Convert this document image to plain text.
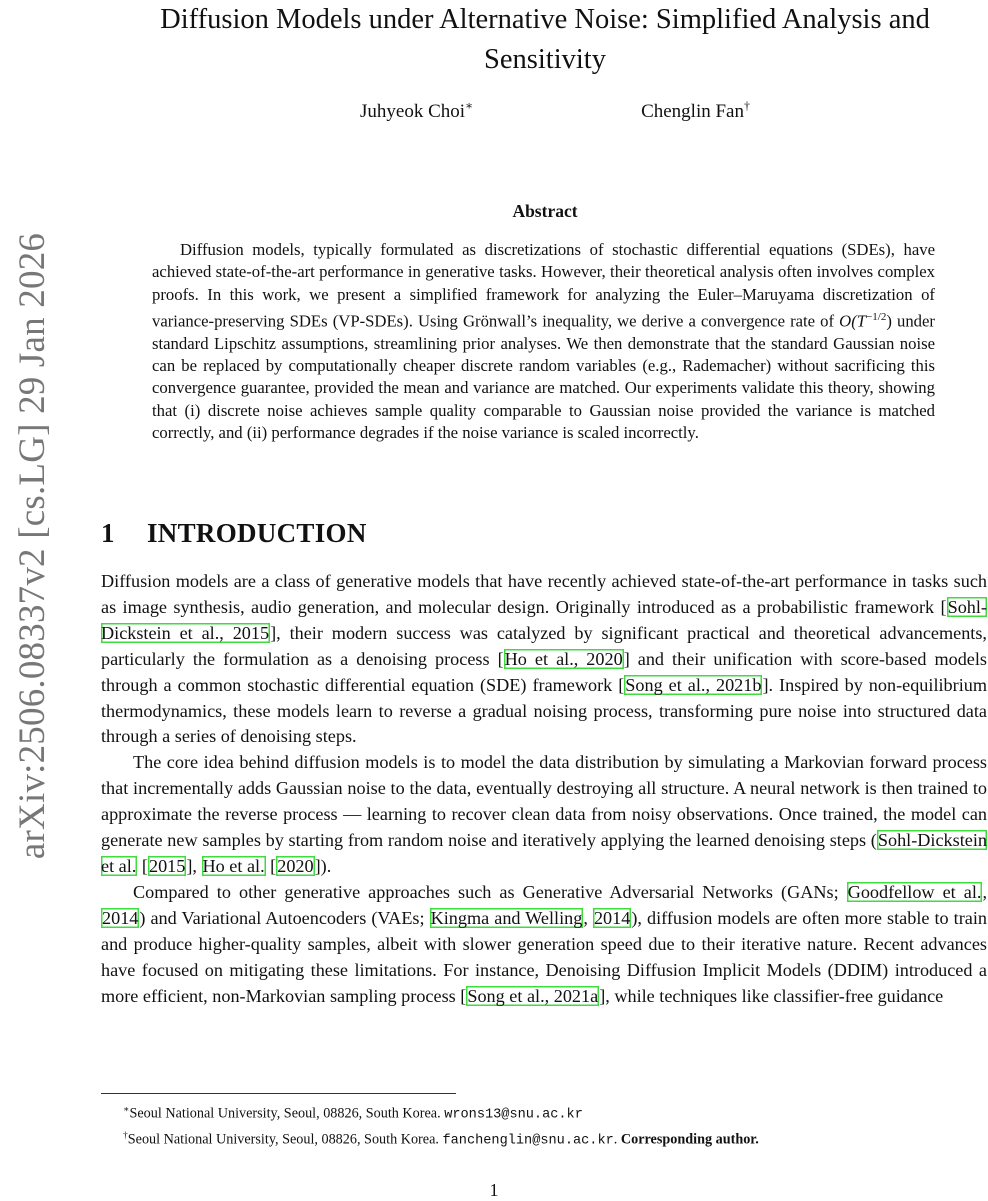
arXiv:2506.08337v2 [cs.LG] 29 Jan 2026
Diffusion Models under Alternative Noise: Simplified Analysis and Sensitivity
Juhyeok Choi∗	Chenglin Fan†
Abstract

Diffusion models, typically formulated as discretizations of stochastic differential equations (SDEs), have achieved state-of-the-art performance in generative tasks. However, their theoretical analysis often involves complex proofs. In this work, we present a simplified framework for analyzing the Euler–Maruyama discretization of variance-preserving SDEs (VP-SDEs). Using Grönwall’s inequality, we derive a convergence rate of $O(T^{-1/2})$ under standard Lipschitz assumptions, streamlining prior analyses. We then demonstrate that the standard Gaussian noise can be replaced by computationally cheaper discrete random variables (e.g., Rademacher) without sacrificing this convergence guarantee, provided the mean and variance are matched. Our experiments validate this theory, showing that (i) discrete noise achieves sample quality comparable to Gaussian noise provided the variance is matched correctly, and (ii) performance degrades if the noise variance is scaled incorrectly.

1 INTRODUCTION

Diffusion models are a class of generative models that have recently achieved state-of-the-art performance in tasks such as image synthesis, audio generation, and molecular design. Originally introduced as a probabilistic framework [Sohl-Dickstein et al., 2015], their modern success was catalyzed by significant practical and theoretical advancements, particularly the formulation as a denoising process [Ho et al., 2020] and their unification with score-based models through a common stochastic differential equation (SDE) framework [Song et al., 2021b]. Inspired by non-equilibrium thermodynamics, these models learn to reverse a gradual noising process, transforming pure noise into structured data through a series of denoising steps.

The core idea behind diffusion models is to model the data distribution by simulating a Markovian forward process that incrementally adds Gaussian noise to the data, eventually destroying all structure. A neural network is then trained to approximate the reverse process — learning to recover clean data from noisy observations. Once trained, the model can generate new samples by starting from random noise and iteratively applying the learned denoising steps (Sohl-Dickstein et al. [2015], Ho et al. [2020]).

Compared to other generative approaches such as Generative Adversarial Networks (GANs; Goodfellow et al., 2014) and Variational Autoencoders (VAEs; Kingma and Welling, 2014), diffusion models are often more stable to train and produce higher-quality samples, albeit with slower generation speed due to their iterative nature. Recent advances have focused on mitigating these limitations. For instance, Denoising Diffusion Implicit Models (DDIM) introduced a more efficient, non-Markovian sampling process [Song et al., 2021a], while techniques like classifier-free guidance

∗Seoul National University, Seoul, 08826, South Korea. wrons13@snu.ac.kr

†Seoul National University, Seoul, 08826, South Korea. fanchenglin@snu.ac.kr. Corresponding author.

1
